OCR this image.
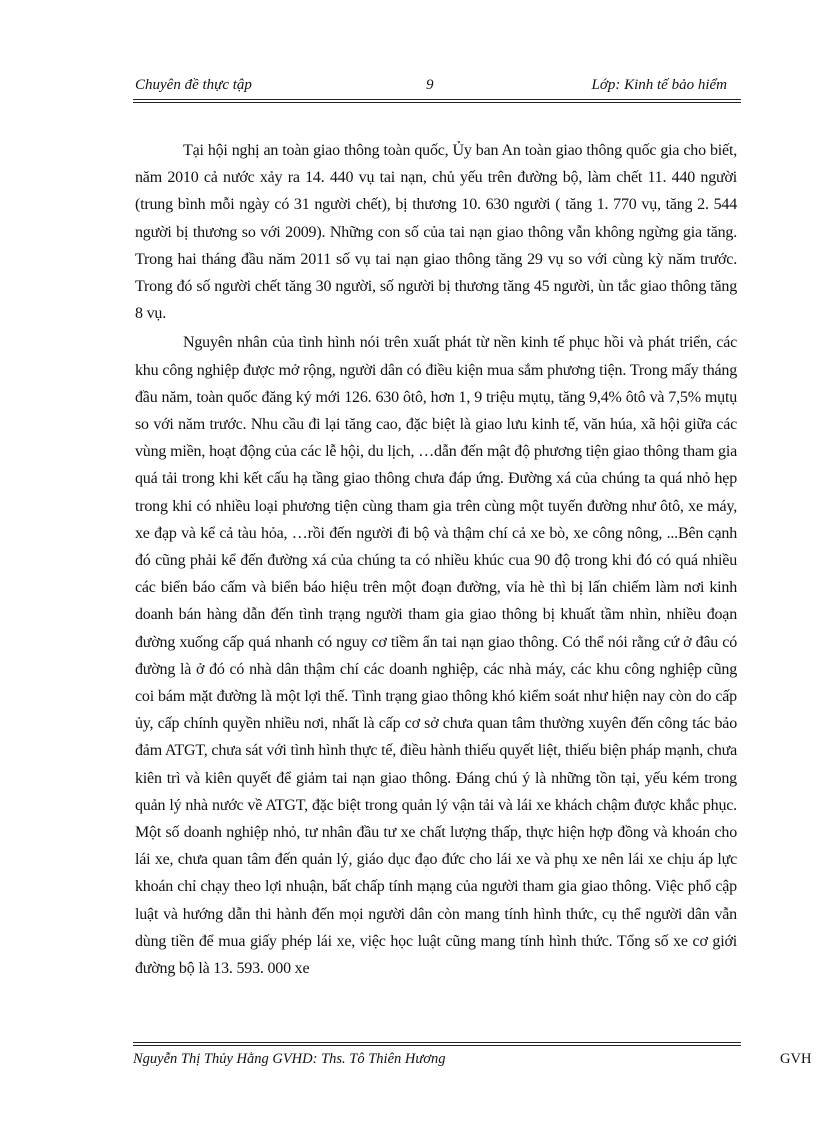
Chuyên đề thực tập	9	Lớp: Kinh tế bảo hiểm

Tại hội nghị an toàn giao thông toàn quốc, Ủy ban An toàn giao thông quốc gia cho biết, năm 2010 cả nước xảy ra 14. 440 vụ tai nạn, chủ yếu trên đường bộ, làm chết 11. 440 người (trung bình mỗi ngày có 31 người chết), bị thương 10. 630 người ( tăng 1. 770 vụ, tăng 2. 544 người bị thương so với 2009). Những con số của tai nạn giao thông vẫn không ngừng gia tăng. Trong hai tháng đầu năm 2011 số vụ tai nạn giao thông tăng 29 vụ so với cùng kỳ năm trước. Trong đó số người chết tăng 30 người, số người bị thương tăng 45 người, ùn tắc giao thông tăng 8 vụ.

Nguyên nhân của tình hình nói trên xuất phát từ nền kinh tế phục hồi và phát triển, các khu công nghiệp được mở rộng, người dân có điều kiện mua sắm phương tiện. Trong mấy tháng đầu năm, toàn quốc đăng ký mới 126. 630 ôtô, hơn 1, 9 triệu mụtụ, tăng 9,4% ôtô và 7,5% mụtụ so với năm trước. Nhu cầu đi lại tăng cao, đặc biệt là giao lưu kinh tế, văn húa, xã hội giữa các vùng miền, hoạt động của các lễ hội, du lịch, …dẫn đến mật độ phương tiện giao thông tham gia quá tải trong khi kết cấu hạ tầng giao thông chưa đáp ứng. Đường xá của chúng ta quá nhỏ hẹp trong khi có nhiều loại phương tiện cùng tham gia trên cùng một tuyến đường như ôtô, xe máy, xe đạp và kể cả tàu hỏa, …rồi đến người đi bộ và thậm chí cả xe bò, xe công nông, ...Bên cạnh đó cũng phải kể đến đường xá của chúng ta có nhiều khúc cua 90 độ trong khi đó có quá nhiều các biển báo cấm và biển báo hiệu trên một đoạn đường, vỉa hè thì bị lấn chiếm làm nơi kinh doanh bán hàng dẫn đến tình trạng người tham gia giao thông bị khuất tầm nhìn, nhiều đoạn đường xuống cấp quá nhanh có nguy cơ tiềm ẩn tai nạn giao thông. Có thể nói rằng cứ ở đâu có đường là ở đó có nhà dân thậm chí các doanh nghiệp, các nhà máy, các khu công nghiệp cũng coi bám mặt đường là một lợi thế. Tình trạng giao thông khó kiểm soát như hiện nay còn do cấp ủy, cấp chính quyền nhiều nơi, nhất là cấp cơ sở chưa quan tâm thường xuyên đến công tác bảo đảm ATGT, chưa sát với tình hình thực tế, điều hành thiếu quyết liệt, thiếu biện pháp mạnh, chưa kiên trì và kiên quyết để giảm tai nạn giao thông. Đáng chú ý là những tồn tại, yếu kém trong quản lý nhà nước về ATGT, đặc biệt trong quản lý vận tải và lái xe khách chậm được khắc phục. Một số doanh nghiệp nhỏ, tư nhân đầu tư xe chất lượng thấp, thực hiện hợp đồng và khoán cho lái xe, chưa quan tâm đến quản lý, giáo dục đạo đức cho lái xe và phụ xe nên lái xe chịu áp lực khoán chỉ chạy theo lợi nhuận, bất chấp tính mạng của người tham gia giao thông. Việc phổ cập luật và hướng dẫn thi hành đến mọi người dân còn mang tính hình thức, cụ thể người dân vẫn dùng tiền để mua giấy phép lái xe, việc học luật cũng mang tính hình thức. Tổng số xe cơ giới đường bộ là 13. 593. 000 xe

Nguyễn Thị Thủy Hằng GVHD: Ths. Tô Thiên Hương	GVH
